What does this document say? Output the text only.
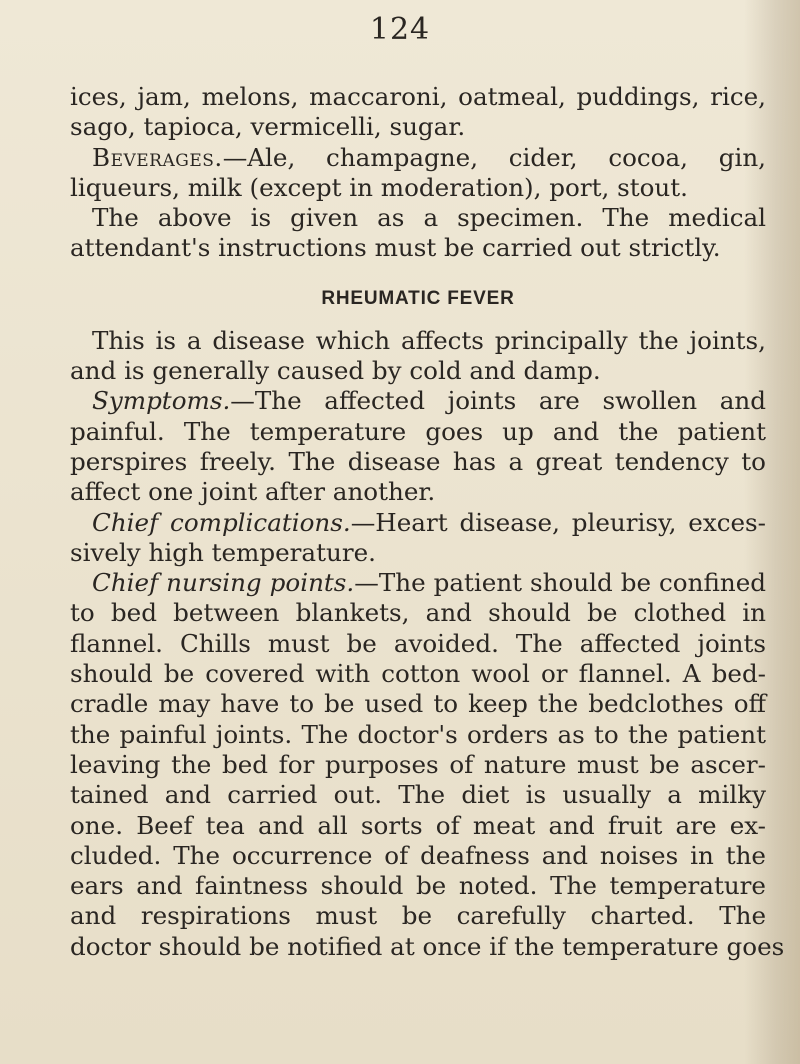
124
ices, jam, melons, maccaroni, oatmeal, puddings, rice,
sago, tapioca, vermicelli, sugar.
Beverages.—Ale, champagne, cider, cocoa, gin,
liqueurs, milk (except in moderation), port, stout.
The above is given as a specimen. The medical
attendant's instructions must be carried out strictly.
RHEUMATIC FEVER
This is a disease which affects principally the joints,
and is generally caused by cold and damp.
Symptoms.—The affected joints are swollen and
painful. The temperature goes up and the patient
perspires freely. The disease has a great tendency to
affect one joint after another.
Chief complications.—Heart disease, pleurisy, exces-
sively high temperature.
Chief nursing points.—The patient should be confined
to bed between blankets, and should be clothed in
flannel. Chills must be avoided. The affected joints
should be covered with cotton wool or flannel. A bed-
cradle may have to be used to keep the bedclothes off
the painful joints. The doctor's orders as to the patient
leaving the bed for purposes of nature must be ascer-
tained and carried out. The diet is usually a milky
one. Beef tea and all sorts of meat and fruit are ex-
cluded. The occurrence of deafness and noises in the
ears and faintness should be noted. The temperature
and respirations must be carefully charted. The
doctor should be notified at once if the temperature goes
